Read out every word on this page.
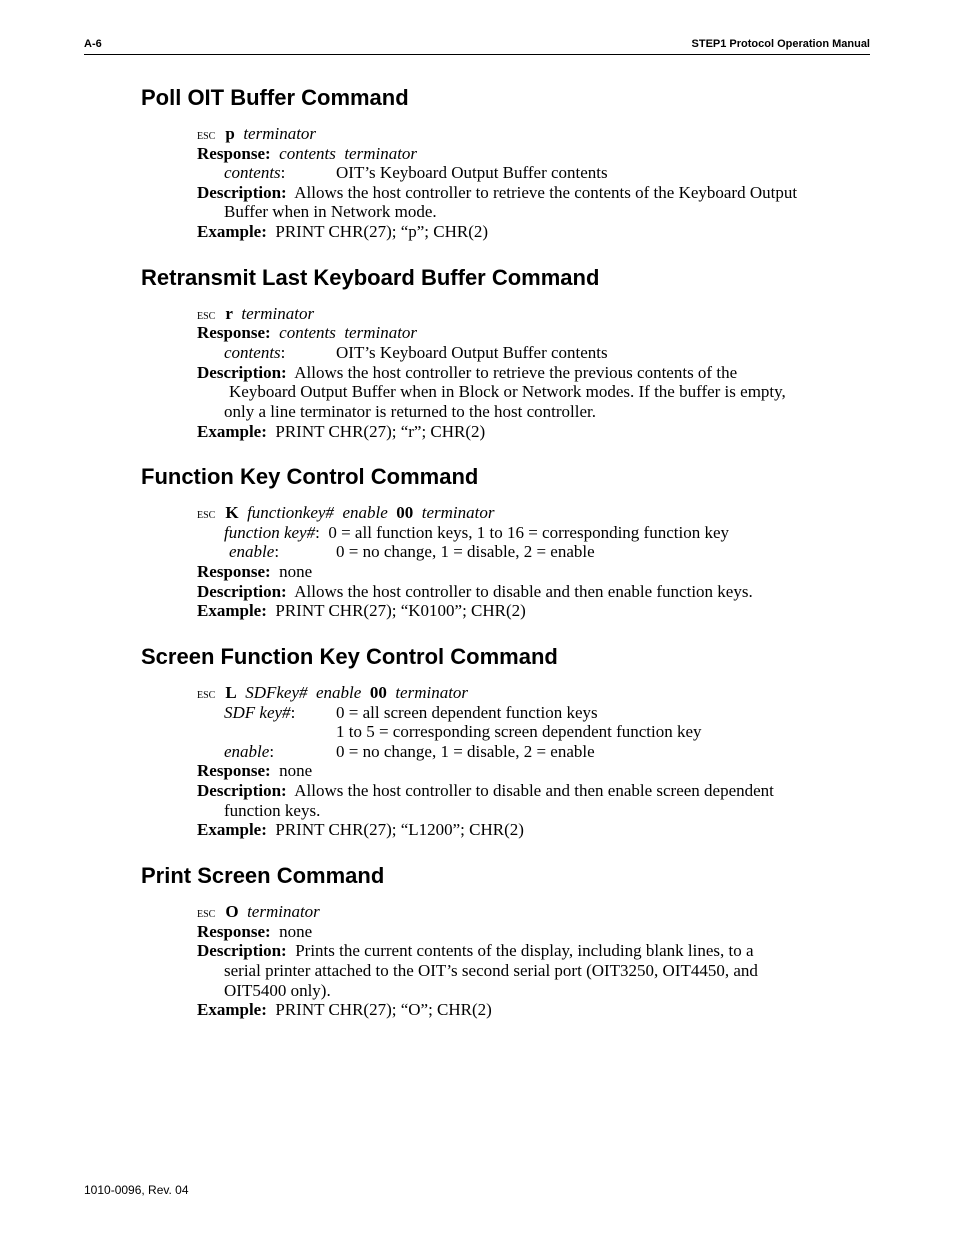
A-6	STEP1 Protocol Operation Manual
Poll OIT Buffer Command
ESC p terminator
Response: contents terminator
contents:	OIT’s Keyboard Output Buffer contents
Description: Allows the host controller to retrieve the contents of the Keyboard Output
Buffer when in Network mode.
Example: PRINT CHR(27); “p”; CHR(2)
Retransmit Last Keyboard Buffer Command
ESC r terminator
Response: contents terminator
contents:	OIT’s Keyboard Output Buffer contents
Description: Allows the host controller to retrieve the previous contents of the
Keyboard Output Buffer when in Block or Network modes. If the buffer is empty,
only a line terminator is returned to the host controller.
Example: PRINT CHR(27); “r”; CHR(2)
Function Key Control Command
ESC K functionkey# enable 00 terminator
function key#: 0 = all function keys, 1 to 16 = corresponding function key
enable:	0 = no change, 1 = disable, 2 = enable
Response: none
Description: Allows the host controller to disable and then enable function keys.
Example: PRINT CHR(27); “K0100”; CHR(2)
Screen Function Key Control Command
ESC L SDFkey# enable 00 terminator
SDF key#: 0 = all screen dependent function keys
1 to 5 = corresponding screen dependent function key
enable:	0 = no change, 1 = disable, 2 = enable
Response: none
Description: Allows the host controller to disable and then enable screen dependent
function keys.
Example: PRINT CHR(27); “L1200”; CHR(2)
Print Screen Command
ESC O terminator
Response: none
Description: Prints the current contents of the display, including blank lines, to a
serial printer attached to the OIT’s second serial port (OIT3250, OIT4450, and
OIT5400 only).
Example: PRINT CHR(27); “O”; CHR(2)
1010-0096, Rev. 04
